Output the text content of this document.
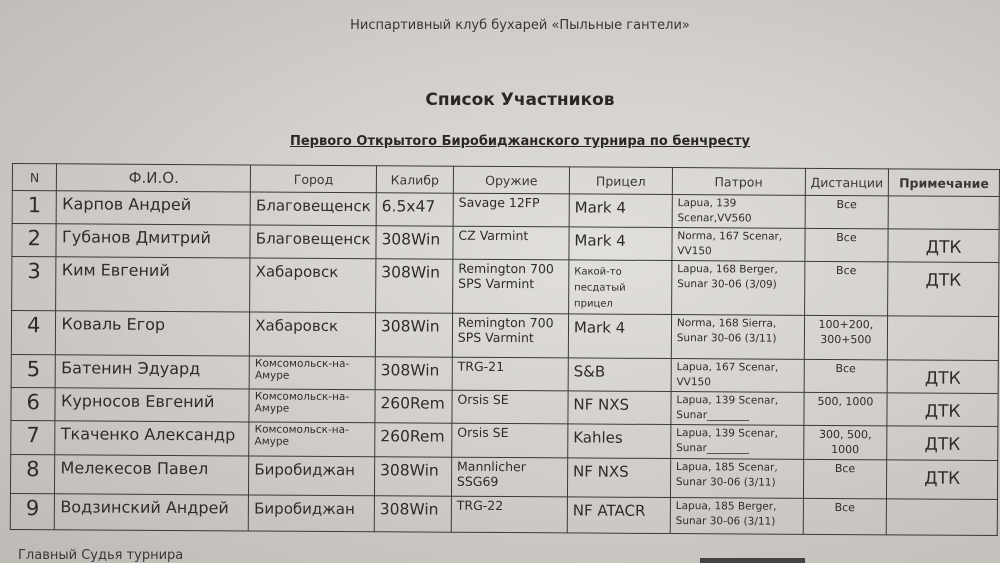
Ниспартивный клуб бухарей «Пыльные гантели»
Список Участников
Первого Открытого Биробиджанского турнира по бенчресту
N	Ф.И.О.	Город	Калибр	Оружие	Прицел	Патрон	Дистанции	Примечание
1	Карпов Андрей	Благовещенск	6.5x47	Savage 12FP	Mark 4	Lapua, 139 Scenar,VV560	Все	
2	Губанов Дмитрий	Благовещенск	308Win	CZ Varmint	Mark 4	Norma, 167 Scenar, VV150	Все	ДТК
3	Ким Евгений	Хабаровск	308Win	Remington 700 SPS Varmint	Какой-то песдатый прицел	Lapua, 168 Berger, Sunar 30-06 (3/09)	Все	ДТК
4	Коваль Егор	Хабаровск	308Win	Remington 700 SPS Varmint	Mark 4	Norma, 168 Sierra, Sunar 30-06 (3/11)	100+200, 300+500	
5	Батенин Эдуард	Комсомольск-на-Амуре	308Win	TRG-21	S&B	Lapua, 167 Scenar, VV150	Все	ДТК
6	Курносов Евгений	Комсомольск-на-Амуре	260Rem	Orsis SE	NF NXS	Lapua, 139 Scenar, Sunar________	500, 1000	ДТК
7	Ткаченко Александр	Комсомольск-на-Амуре	260Rem	Orsis SE	Kahles	Lapua, 139 Scenar, Sunar________	300, 500, 1000	ДТК
8	Мелекесов Павел	Биробиджан	308Win	Mannlicher SSG69	NF NXS	Lapua, 185 Scenar, Sunar 30-06 (3/11)	Все	ДТК
9	Водзинский Андрей	Биробиджан	308Win	TRG-22	NF ATACR	Lapua, 185 Berger, Sunar 30-06 (3/11)	Все	
Главный Судья турнира
